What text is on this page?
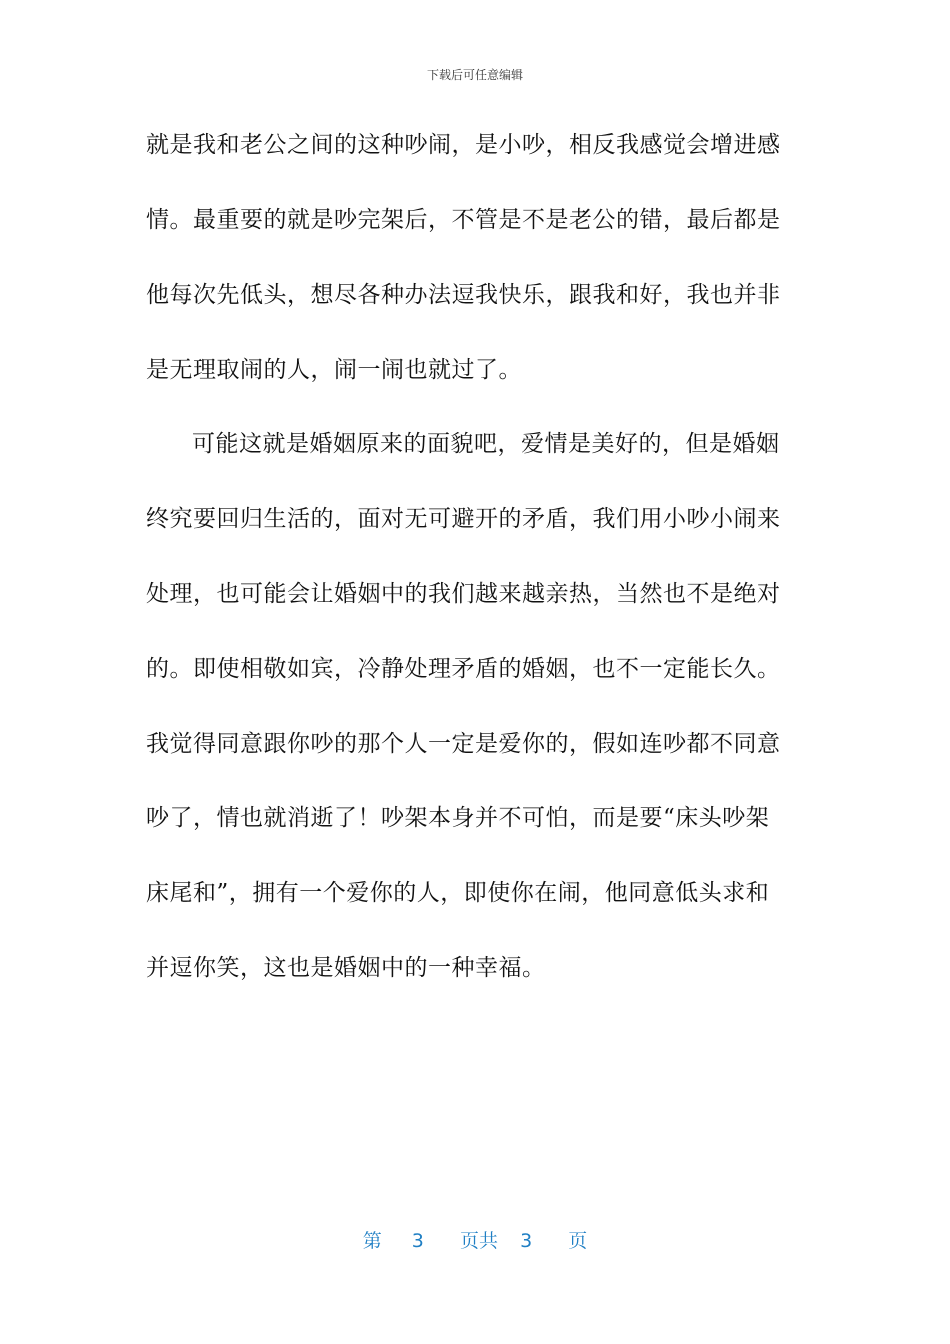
下载后可任意编辑
就是我和老公之间的这种吵闹，是小吵，相反我感觉会增进感
情。最重要的就是吵完架后，不管是不是老公的错，最后都是
他每次先低头，想尽各种办法逗我快乐，跟我和好，我也并非
是无理取闹的人，闹一闹也就过了。
可能这就是婚姻原来的面貌吧，爱情是美好的，但是婚姻
终究要回归生活的，面对无可避开的矛盾，我们用小吵小闹来
处理，也可能会让婚姻中的我们越来越亲热，当然也不是绝对
的。即使相敬如宾，冷静处理矛盾的婚姻，也不一定能长久。
我觉得同意跟你吵的那个人一定是爱你的，假如连吵都不同意
吵了，情也就消逝了！吵架本身并不可怕，而是要“床头吵架
床尾和”，拥有一个爱你的人，即使你在闹，他同意低头求和
并逗你笑，这也是婚姻中的一种幸福。
第 3 页共 3 页
